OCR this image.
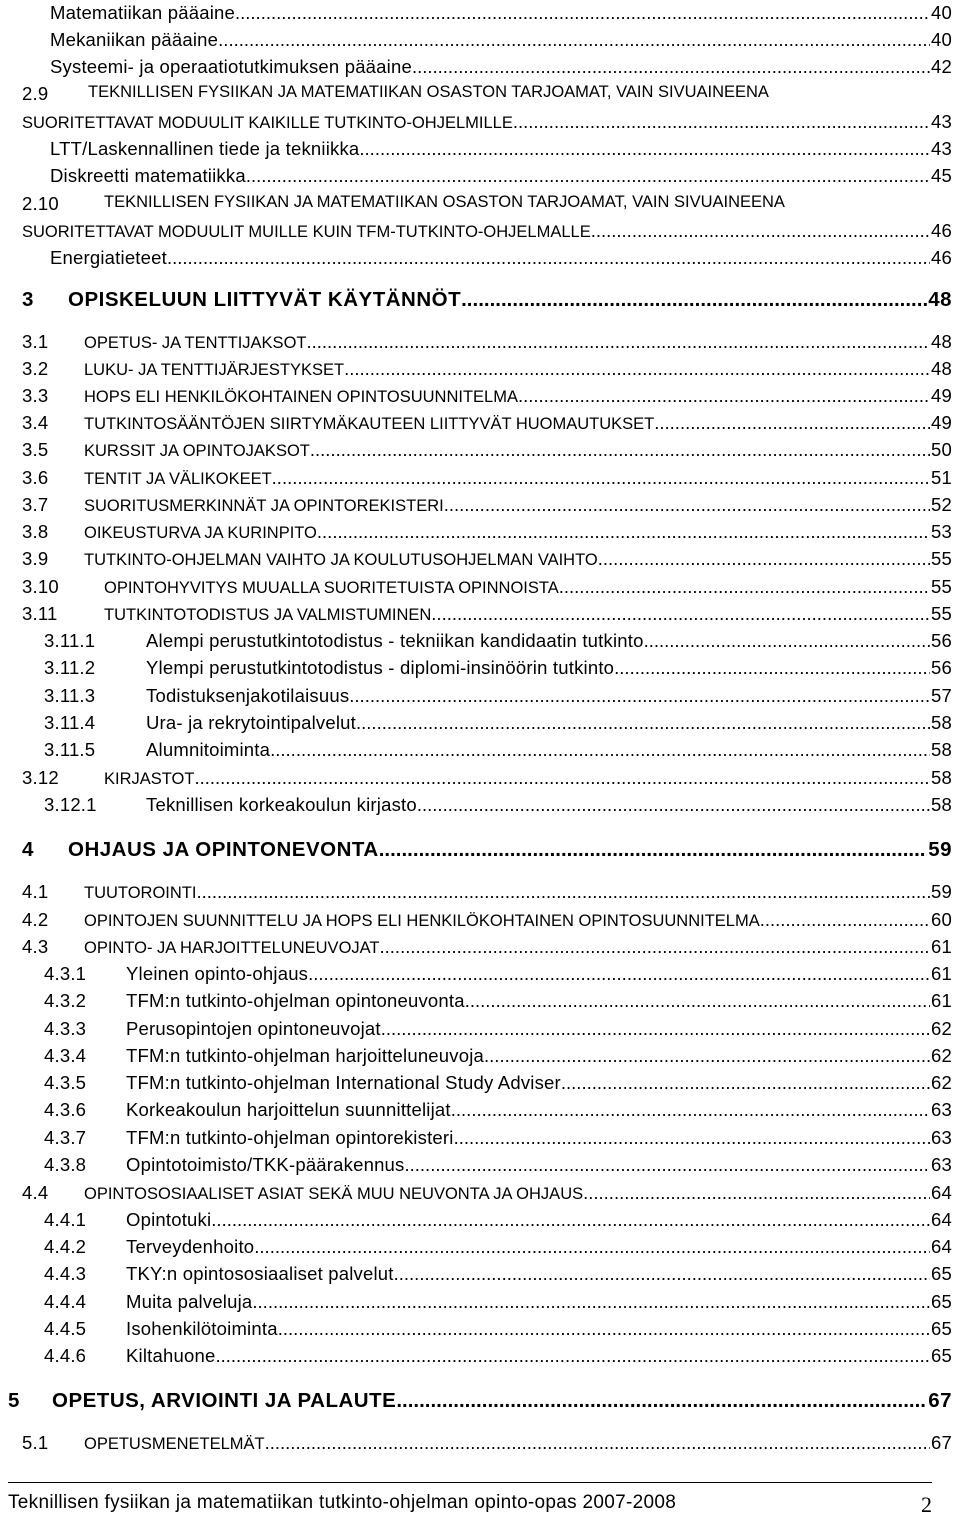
Matematiikan pääaine .....	40
Mekaniikan pääaine .....	40
Systeemi- ja operaatiotutkimuksen pääaine .....	42
2.9 TEKNILLISEN FYSIIKAN JA MATEMATIIKAN OSASTON TARJOAMAT, VAIN SIVUAINEENA
SUORITETTAVAT MODUULIT KAIKILLE TUTKINTO-OHJELMILLE .....	43
LTT/Laskennallinen tiede ja tekniikka .....	43
Diskreetti matematiikka .....	45
2.10	TEKNILLISEN FYSIIKAN JA MATEMATIIKAN OSASTON TARJOAMAT, VAIN SIVUAINEENA
SUORITETTAVAT MODUULIT MUILLE KUIN TFM-TUTKINTO-OHJELMALLE .....	46
Energiatieteet .....	46
3 OPISKELUUN LIITTYVÄT KÄYTÄNNÖT .....	48
3.1 OPETUS- JA TENTTIJAKSOT .....	48
3.2 LUKU- JA TENTTIJÄRJESTYKSET .....	48
3.3 HOPS ELI HENKILÖKOHTAINEN OPINTOSUUNNITELMA .....	49
3.4 TUTKINTOSÄÄNTÖJEN SIIRTYMÄKAUTEEN LIITTYVÄT HUOMAUTUKSET .....	49
3.5 KURSSIT JA OPINTOJAKSOT .....	50
3.6 TENTIT JA VÄLIKOKEET .....	51
3.7 SUORITUSMERKINNÄT JA OPINTOREKISTERI .....	52
3.8 OIKEUSTURVA JA KURINPITO .....	53
3.9 TUTKINTO-OHJELMAN VAIHTO JA KOULUTUSOHJELMAN VAIHTO .....	55
3.10	OPINTOHYVITYS MUUALLA SUORITETUISTA OPINNOISTA .....	55
3.11	TUTKINTOTODISTUS JA VALMISTUMINEN .....	55
3.11.1	Alempi perustutkintotodistus - tekniikan kandidaatin tutkinto .....	56
3.11.2	Ylempi perustutkintotodistus - diplomi-insinöörin tutkinto .....	56
3.11.3	Todistuksenjakotilaisuus .....	57
3.11.4	Ura- ja rekrytointipalvelut .....	58
3.11.5	Alumnitoiminta .....	58
3.12	KIRJASTOT .....	58
3.12.1	Teknillisen korkeakoulun kirjasto .....	58
4 OHJAUS JA OPINTONEVONTA .....	59
4.1 TUUTOROINTI .....	59
4.2 OPINTOJEN SUUNNITTELU JA HOPS ELI HENKILÖKOHTAINEN OPINTOSUUNNITELMA .....	60
4.3 OPINTO- JA HARJOITTELUNEUVOJAT .....	61
4.3.1 Yleinen opinto-ohjaus .....	61
4.3.2 TFM:n tutkinto-ohjelman opintoneuvonta .....	61
4.3.3 Perusopintojen opintoneuvojat .....	62
4.3.4 TFM:n tutkinto-ohjelman harjoitteluneuvoja .....	62
4.3.5 TFM:n tutkinto-ohjelman International Study Adviser .....	62
4.3.6 Korkeakoulun harjoittelun suunnittelijat .....	63
4.3.7 TFM:n tutkinto-ohjelman opintorekisteri .....	63
4.3.8 Opintotoimisto/TKK-päärakennus .....	63
4.4 OPINTOSOSIAALISET ASIAT SEKÄ MUU NEUVONTA JA OHJAUS .....	64
4.4.1 Opintotuki .....	64
4.4.2 Terveydenhoito .....	64
4.4.3 TKY:n opintososiaaliset palvelut .....	65
4.4.4 Muita palveluja .....	65
4.4.5 Isohenkilötoiminta .....	65
4.4.6 Kiltahuone .....	65
5 OPETUS, ARVIOINTI JA PALAUTE .....	67
5.1 OPETUSMENETELMÄT .....	67
Teknillisen fysiikan ja matematiikan tutkinto-ohjelman opinto-opas 2007-2008	2
